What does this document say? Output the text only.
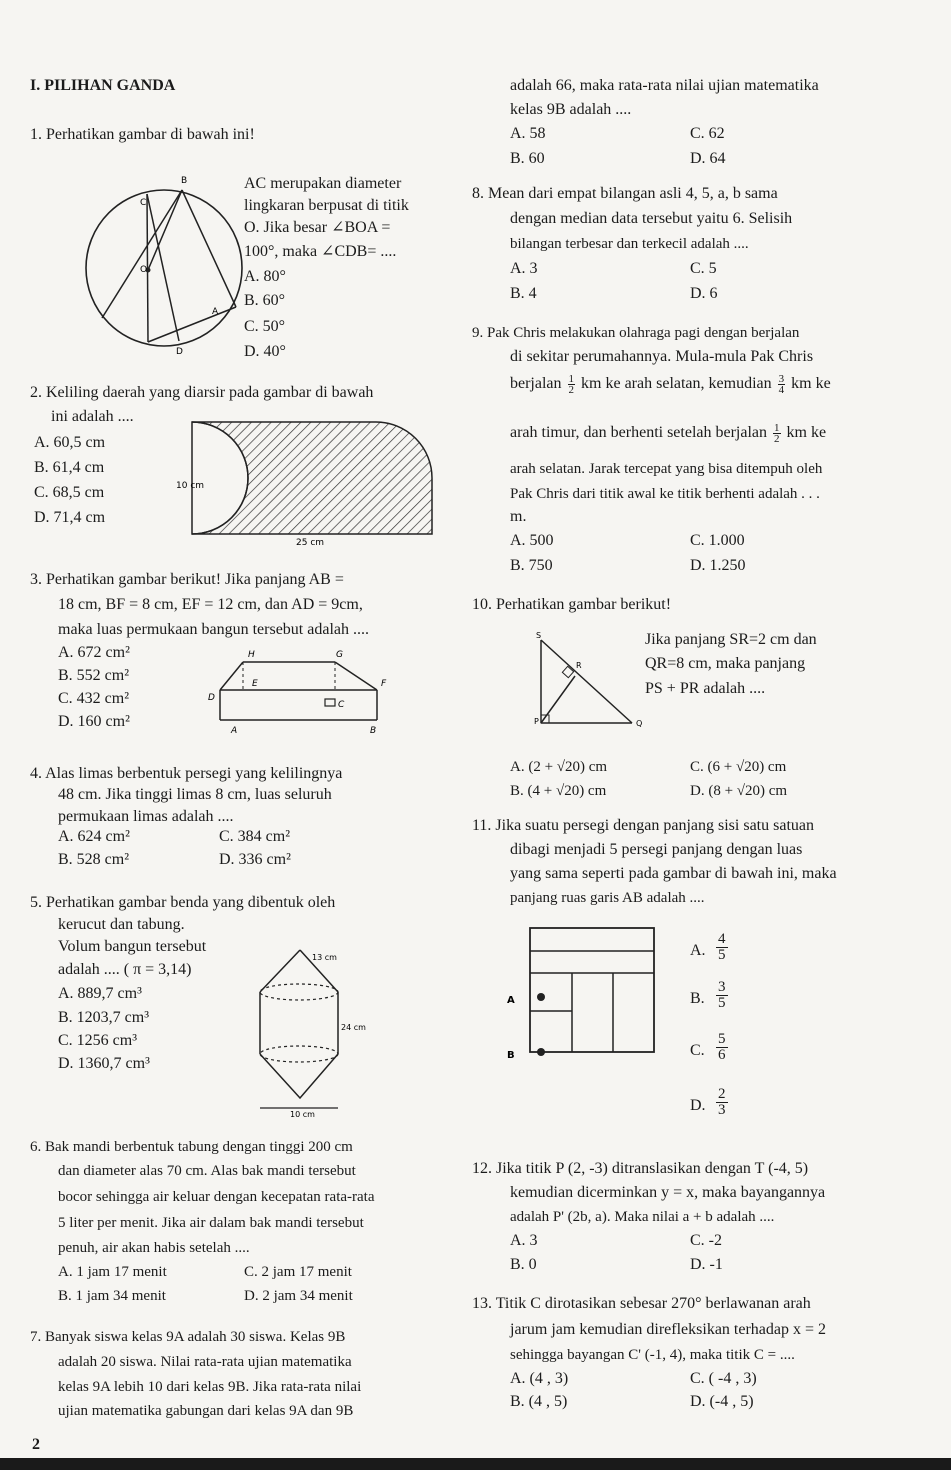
I. PILIHAN GANDA
1. Perhatikan gambar di bawah ini!
AC merupakan diameter
lingkaran berpusat di titik
O. Jika besar ∠BOA =
100°, maka ∠CDB= ....
A. 80°
B. 60°
C. 50°
D. 40°
B
C
O
A
D
2. Keliling daerah yang diarsir pada gambar di bawah
ini adalah ....
A. 60,5 cm
B. 61,4 cm
C. 68,5 cm
D. 71,4 cm
10 cm
25 cm
3. Perhatikan gambar berikut! Jika panjang AB =
18 cm, BF = 8 cm, EF = 12 cm, dan AD = 9cm,
maka luas permukaan bangun tersebut adalah ....
A. 672 cm²
B. 552 cm²
C. 432 cm²
D. 160 cm²
H	G
E	F
D
C
A	B
4. Alas limas berbentuk persegi yang kelilingnya
48 cm. Jika tinggi limas 8 cm, luas seluruh
permukaan limas adalah ....
A. 624 cm²	C. 384 cm²
B. 528 cm²	D. 336 cm²
5. Perhatikan gambar benda yang dibentuk oleh
kerucut dan tabung.
Volum bangun tersebut
adalah .... ( π = 3,14)
A. 889,7 cm³
B. 1203,7 cm³
C. 1256 cm³
D. 1360,7 cm³
13 cm
24 cm
10 cm
6. Bak mandi berbentuk tabung dengan tinggi 200 cm
dan diameter alas 70 cm. Alas bak mandi tersebut
bocor sehingga air keluar dengan kecepatan rata-rata
5 liter per menit. Jika air dalam bak mandi tersebut
penuh, air akan habis setelah ....
A. 1 jam 17 menit	C. 2 jam 17 menit
B. 1 jam 34 menit	D. 2 jam 34 menit
7. Banyak siswa kelas 9A adalah 30 siswa. Kelas 9B
adalah 20 siswa. Nilai rata-rata ujian matematika
kelas 9A lebih 10 dari kelas 9B. Jika rata-rata nilai
ujian matematika gabungan dari kelas 9A dan 9B
2
adalah 66, maka rata-rata nilai ujian matematika
kelas 9B adalah ....
A. 58	C. 62
B. 60	D. 64
8. Mean dari empat bilangan asli 4, 5, a, b sama
dengan median data tersebut yaitu 6. Selisih
bilangan terbesar dan terkecil adalah ....
A. 3	C. 5
B. 4	D. 6
9. Pak Chris melakukan olahraga pagi dengan berjalan
di sekitar perumahannya. Mula-mula Pak Chris
berjalan $\frac{1}{2}$ km ke arah selatan, kemudian $\frac{3}{4}$ km ke
arah timur, dan berhenti setelah berjalan $\frac{1}{2}$ km ke
arah selatan. Jarak tercepat yang bisa ditempuh oleh
Pak Chris dari titik awal ke titik berhenti adalah . . .
m.
A. 500	C. 1.000
B. 750	D. 1.250
10. Perhatikan gambar berikut!
Jika panjang SR=2 cm dan
QR=8 cm, maka panjang
PS + PR adalah ....
S
R
P	Q
A. (2 + √20) cm	C. (6 + √20) cm
B. (4 + √20) cm	D. (8 + √20) cm
11. Jika suatu persegi dengan panjang sisi satu satuan
dibagi menjadi 5 persegi panjang dengan luas
yang sama seperti pada gambar di bawah ini, maka
panjang ruas garis AB adalah ....
A
B
A. $\frac{4}{5}$
B. $\frac{3}{5}$
C. $\frac{5}{6}$
D. $\frac{2}{3}$
12. Jika titik P (2, -3) ditranslasikan dengan T (-4, 5)
kemudian dicerminkan y = x, maka bayangannya
adalah P' (2b, a). Maka nilai a + b adalah ....
A. 3	C. -2
B. 0	D. -1
13. Titik C dirotasikan sebesar 270° berlawanan arah
jarum jam kemudian direfleksikan terhadap x = 2
sehingga bayangan C' (-1, 4), maka titik C = ....
A. (4 , 3)	C. ( -4 , 3)
B. (4 , 5)	D. (-4 , 5)
